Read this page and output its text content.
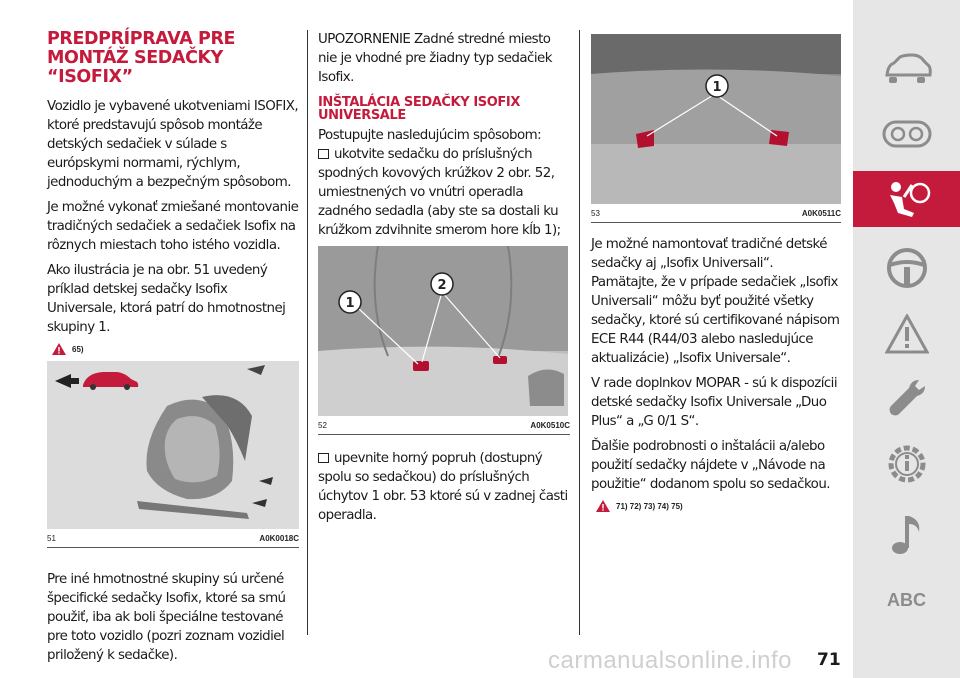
PREDPRÍPRAVA PRE MONTÁŽ SEDAČKY “ISOFIX”

Vozidlo je vybavené ukotveniami ISOFIX, ktoré predstavujú spôsob montáže detských sedačiek v súlade s európskymi normami, rýchlym, jednoduchým a bezpečným spôsobom.

Je možné vykonať zmiešané montovanie tradičných sedačiek a sedačiek Isofix na rôznych miestach toho istého vozidla.

Ako ilustrácia je na obr. 51 uvedený príklad detskej sedačky Isofix Universale, ktorá patrí do hmotnostnej skupiny 1.

65)
51	A0K0018C

Pre iné hmotnostné skupiny sú určené špecifické sedačky Isofix, ktoré sa smú použiť, iba ak boli špeciálne testované pre toto vozidlo (pozri zoznam vozidiel priložený k sedačke).

UPOZORNENIE Zadné stredné miesto nie je vhodné pre žiadny typ sedačiek Isofix.

INŠTALÁCIA SEDAČKY ISOFIX UNIVERSALE

Postupujte nasledujúcim spôsobom:

ukotvite sedačku do príslušných spodných kovových krúžkov 2 obr. 52, umiestnených vo vnútri operadla zadného sedadla (aby ste sa dostali ku krúžkom zdvihnite smerom hore kĺb 1);

1
2
52	A0K0510C

upevnite horný popruh (dostupný spolu so sedačkou) do príslušných úchytov 1 obr. 53 ktoré sú v zadnej časti operadla.

1
53	A0K0511C

Je možné namontovať tradičné detské sedačky aj „Isofix Universali“. Pamätajte, že v prípade sedačiek „Isofix Universali“ môžu byť použité všetky sedačky, ktoré sú certifikované nápisom ECE R44 (R44/03 alebo nasledujúce aktualizácie) „Isofix Universale“.

V rade doplnkov MOPAR - sú k dispozícii detské sedačky Isofix Universale „Duo Plus“ a „G 0/1 S“.

Ďalšie podrobnosti o inštalácii a/alebo použití sedačky nájdete v „Návode na použitie“ dodanom spolu so sedačkou.

71) 72) 73) 74) 75)
ABC
carmanualsonline.info 71
